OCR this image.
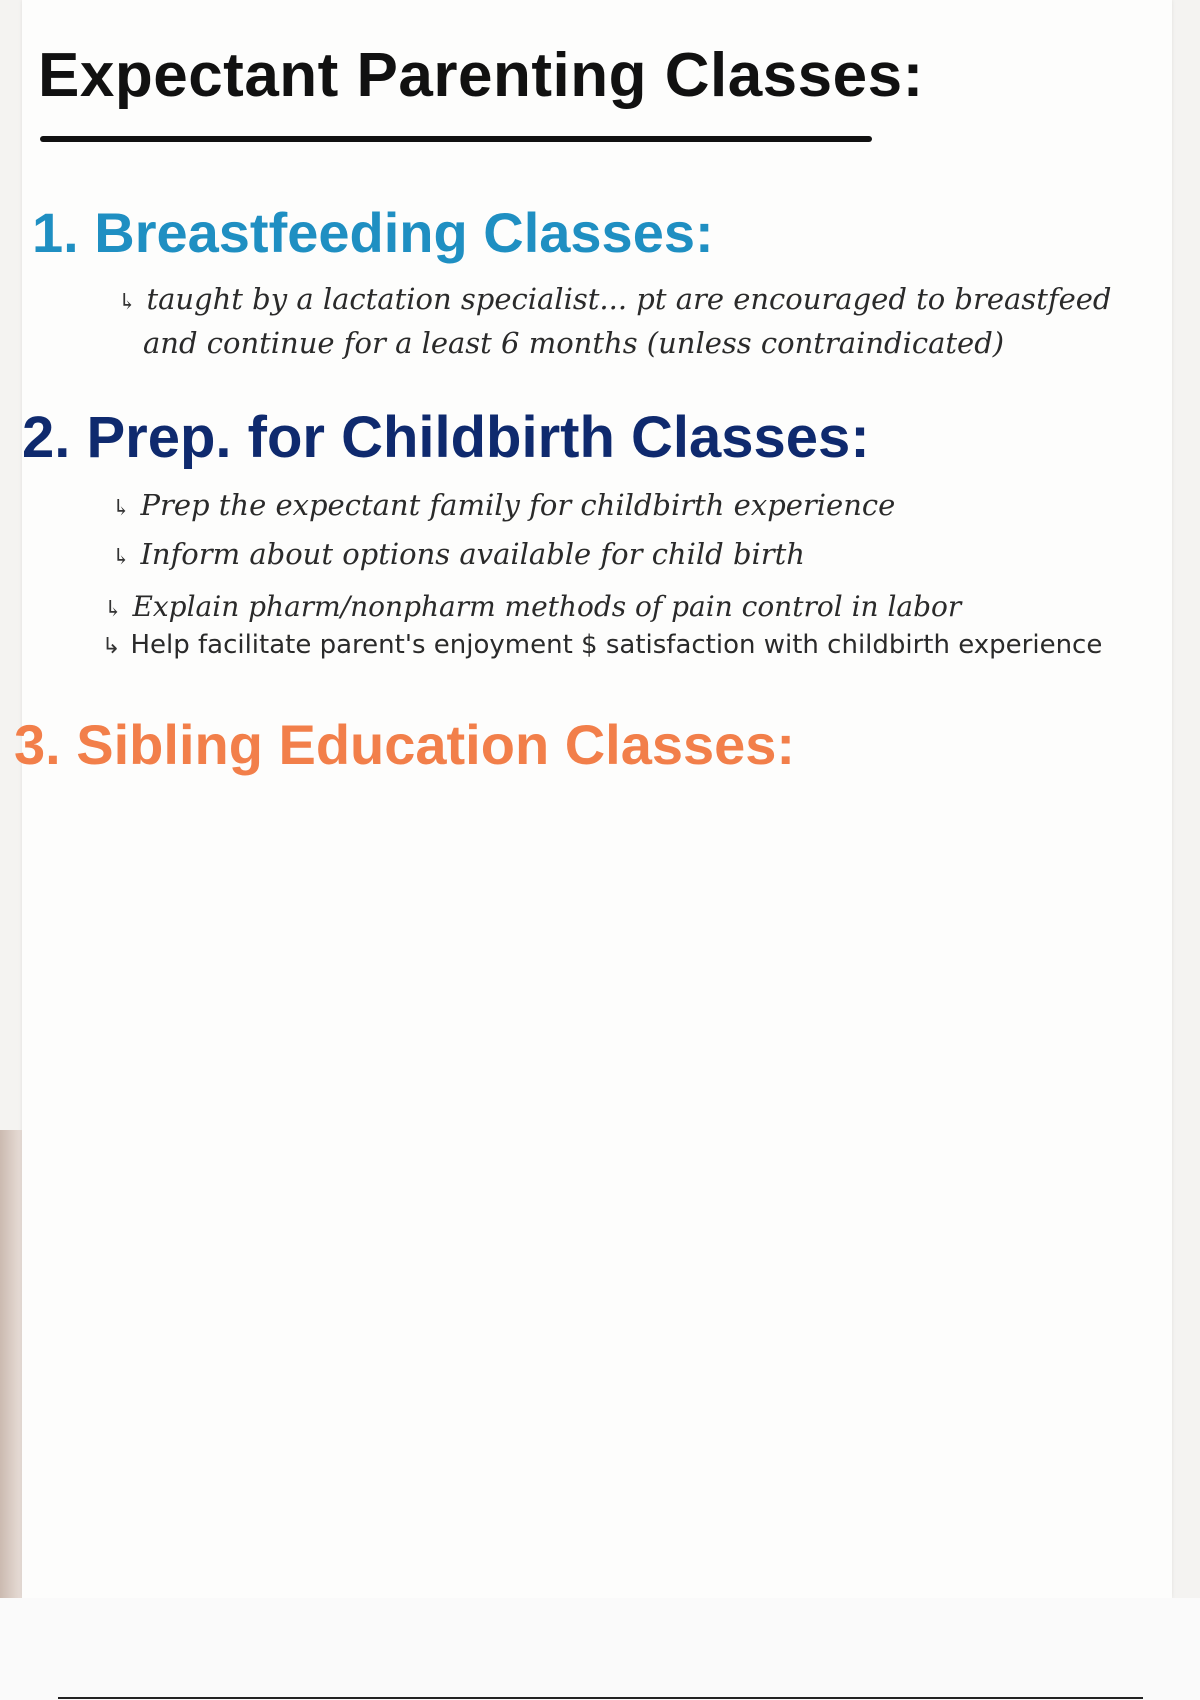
Expectant Parenting Classes:
1. Breastfeeding Classes:

↳ taught by a lactation specialist... pt are encouraged to breastfeed

and continue for a least 6 months (unless contraindicated)

2. Prep. for Childbirth Classes:

↳ Prep the expectant family for childbirth experience

↳ Inform about options available for child birth

↳ Explain pharm/nonpharm methods of pain control in labor

↳ Help facilitate parent's enjoyment $ satisfaction with childbirth experience

3. Sibling Education Classes:
